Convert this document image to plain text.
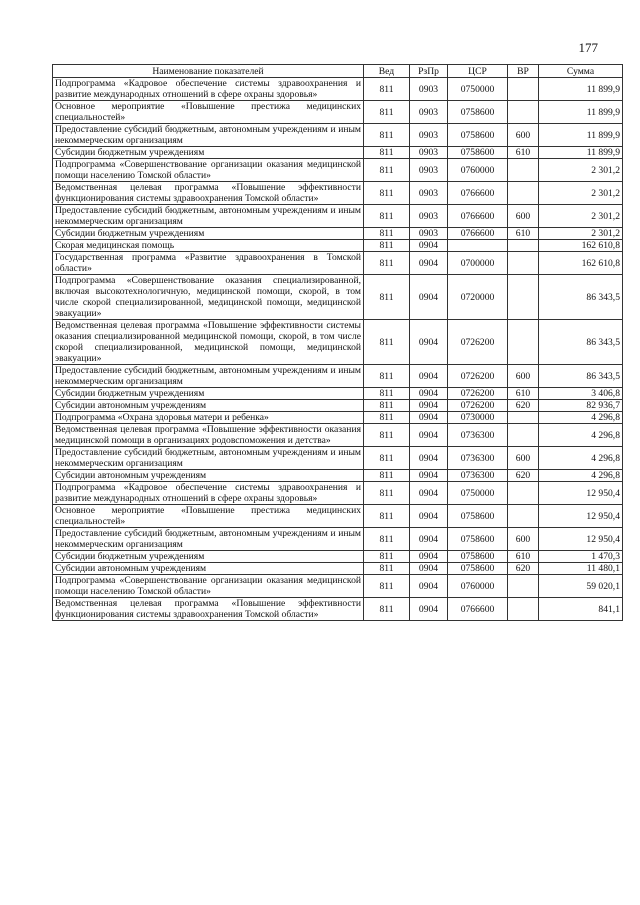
177
Наименование показателей	Вед	РзПр	ЦСР	ВР	Сумма
Подпрограмма «Кадровое обеспечение системы здравоохранения и развитие международных отношений в сфере охраны здоровья»	811	0903	0750000		11 899,9
Основное мероприятие «Повышение престижа медицинских специальностей»	811	0903	0758600		11 899,9
Предоставление субсидий бюджетным, автономным учреждениям и иным некоммерческим организациям	811	0903	0758600	600	11 899,9
Субсидии бюджетным учреждениям	811	0903	0758600	610	11 899,9
Подпрограмма «Совершенствование организации оказания медицинской помощи населению Томской области»	811	0903	0760000		2 301,2
Ведомственная целевая программа «Повышение эффективности функционирования системы здравоохранения Томской области»	811	0903	0766600		2 301,2
Предоставление субсидий бюджетным, автономным учреждениям и иным некоммерческим организациям	811	0903	0766600	600	2 301,2
Субсидии бюджетным учреждениям	811	0903	0766600	610	2 301,2
Скорая медицинская помощь	811	0904			162 610,8
Государственная программа «Развитие здравоохранения в Томской области»	811	0904	0700000		162 610,8
Подпрограмма «Совершенствование оказания специализированной, включая высокотехнологичную, медицинской помощи, скорой, в том числе скорой специализированной, медицинской помощи, медицинской эвакуации»	811	0904	0720000		86 343,5
Ведомственная целевая программа «Повышение эффективности системы оказания специализированной медицинской помощи, скорой, в том числе скорой специализированной, медицинской помощи, медицинской эвакуации»	811	0904	0726200		86 343,5
Предоставление субсидий бюджетным, автономным учреждениям и иным некоммерческим организациям	811	0904	0726200	600	86 343,5
Субсидии бюджетным учреждениям	811	0904	0726200	610	3 406,8
Субсидии автономным учреждениям	811	0904	0726200	620	82 936,7
Подпрограмма «Охрана здоровья матери и ребенка»	811	0904	0730000		4 296,8
Ведомственная целевая программа «Повышение эффективности оказания медицинской помощи в организациях родовспоможения и детства»	811	0904	0736300		4 296,8
Предоставление субсидий бюджетным, автономным учреждениям и иным некоммерческим организациям	811	0904	0736300	600	4 296,8
Субсидии автономным учреждениям	811	0904	0736300	620	4 296,8
Подпрограмма «Кадровое обеспечение системы здравоохранения и развитие международных отношений в сфере охраны здоровья»	811	0904	0750000		12 950,4
Основное мероприятие «Повышение престижа медицинских специальностей»	811	0904	0758600		12 950,4
Предоставление субсидий бюджетным, автономным учреждениям и иным некоммерческим организациям	811	0904	0758600	600	12 950,4
Субсидии бюджетным учреждениям	811	0904	0758600	610	1 470,3
Субсидии автономным учреждениям	811	0904	0758600	620	11 480,1
Подпрограмма «Совершенствование организации оказания медицинской помощи населению Томской области»	811	0904	0760000		59 020,1
Ведомственная целевая программа «Повышение эффективности функционирования системы здравоохранения Томской области»	811	0904	0766600		841,1
